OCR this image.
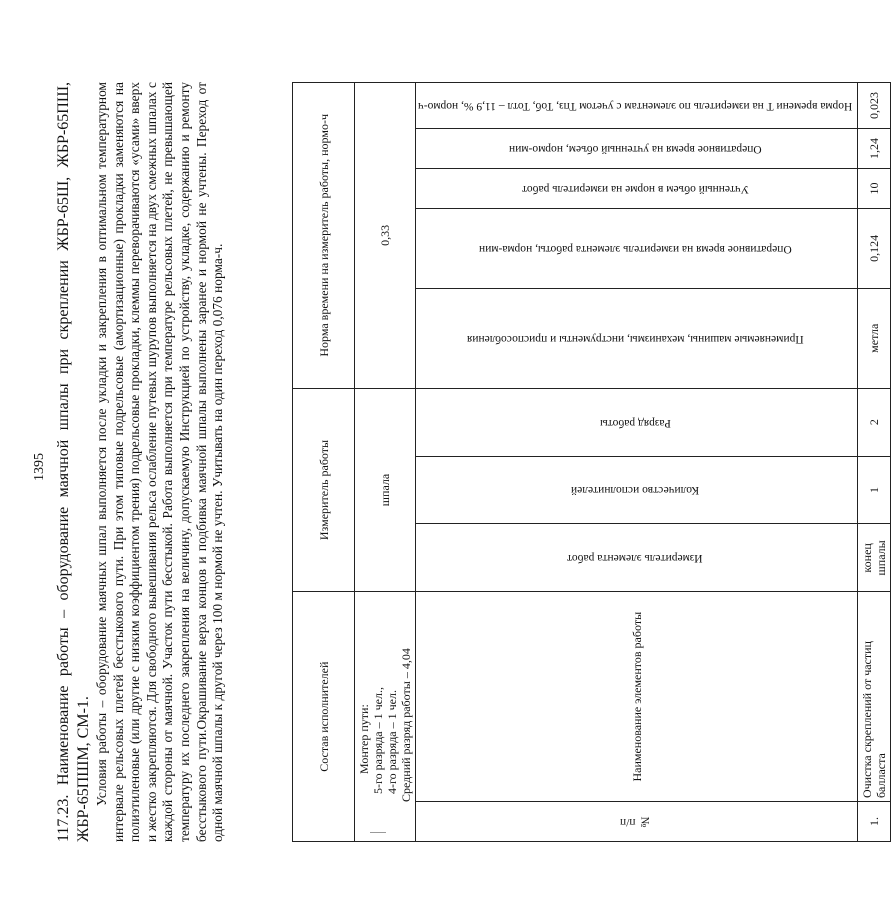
1395 117.23. Наименование работы – оборудование маячной шпалы при скреплении ЖБР-65Ш, ЖБР-65ПШ, ЖБР-65ПШМ, СМ-1. Условия работы – оборудование маячных шпал выполняется после укладки и закрепления в оптимальном температурном интервале рельсовых плетей бесстыкового пути. При этом типовые подрельсовые (амортизационные) прокладки заменяются на полиэтиленовые (или другие с низким коэффициентом трения) подрельсовые прокладки, клеммы переворачиваются «усами» вверх и жестко закрепляются. Для свободного вывешивания рельса ослабление путевых шурупов выполняется на двух смежных шпалах с каждой стороны от маячной. Участок пути бесстыкой. Работа выполняется при температуре рельсовых плетей, не превышающей температуру их последнего закрепления на величину, допускаемую Инструкцией по устройству, укладке, содержанию и ремонту бесстыкового пути.Окрашивание верха концов и подбивка маячной шпалы выполнены заранее и нормой не учтены. Переход от одной маячной шпалы к другой через 100 м нормой не учтен. Учитывать на один переход 0,076 норма-ч.	Состав исполнителей		Измеритель работы			Норма времени на измеритель работы, нормо-ч				

Монтер пути: 5-го разряда – 1 чел., 4-го разряда – 1 чел. Средний разряд работы – 4,04		шпала			0,33				
№ п/п	Наименование элементов работы	Измеритель элемента работ	Количество исполнителей	Разряд работы	Применяемые машины, механизмы, инструменты и приспособления	Оперативное время на измеритель элемента работы, норма-мин	Учтенный объем в норме на измеритель работ	Оперативное время на учтенный объем, нормо-мин	Норма времени Т на измеритель по элементам с учетом Тпз, Тоб, Тотл – 11,9 %, нормо-ч
1.	Очистка скреплений от частиц балласта	конец шпалы	1	2	метла	0,124	10	1,24	0,023
